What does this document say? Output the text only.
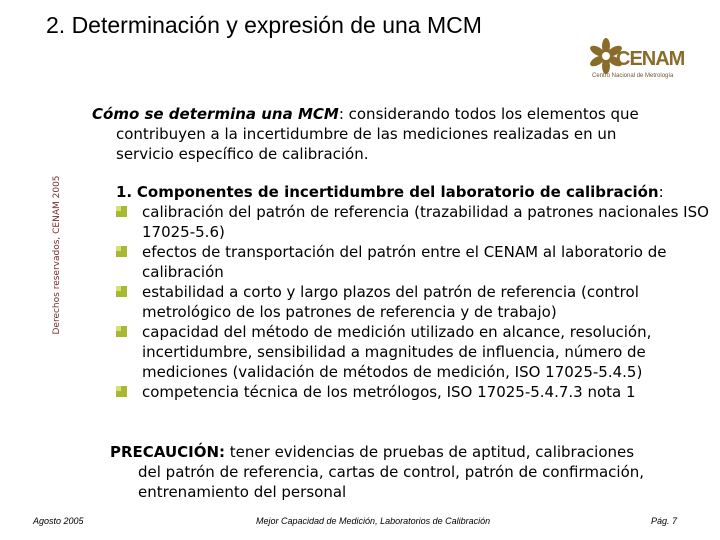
2. Determinación y expresión de una MCM
CENAM
Centro Nacional de Metrología
Derechos reservados, CENAM 2005
Cómo se determina una MCM: considerando todos los elementos que
contribuyen a la incertidumbre de las mediciones realizadas en un
servicio específico de calibración.
1. Componentes de incertidumbre del laboratorio de calibración:
calibración del patrón de referencia (trazabilidad a patrones nacionales ISO 17025-5.6)
efectos de transportación del patrón entre el CENAM al laboratorio de calibración
estabilidad a corto y largo plazos del patrón de referencia (control metrológico de los patrones de referencia y de trabajo)
capacidad del método de medición utilizado en alcance, resolución, incertidumbre, sensibilidad a magnitudes de influencia, número de mediciones (validación de métodos de medición, ISO 17025-5.4.5)
competencia técnica de los metrólogos, ISO 17025-5.4.7.3 nota 1
PRECAUCIÓN: tener evidencias de pruebas de aptitud, calibraciones
del patrón de referencia, cartas de control, patrón de confirmación,
entrenamiento del personal
Agosto 2005	Mejor Capacidad de Medición, Laboratorios de Calibración	Pág. 7
